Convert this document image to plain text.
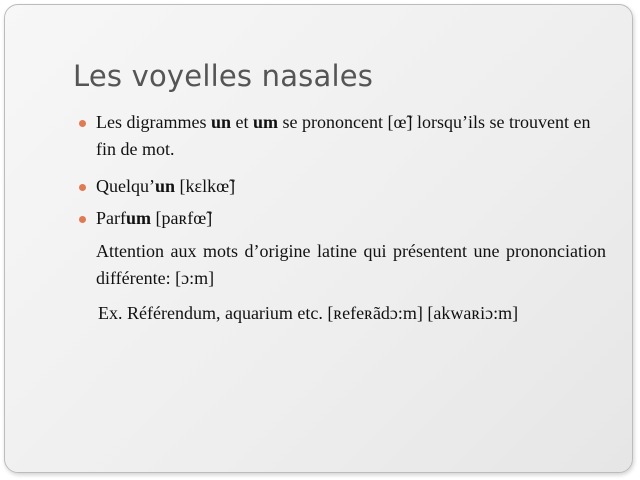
Les voyelles nasales
Les digrammes un et um se prononcent [œ̃] lorsqu’ils se trouvent en fin de mot.
Quelqu’un [kɛlkœ̃]
Parfum [paʀfœ̃]
Attention aux mots d’origine latine qui présentent une prononciation différente: [ɔ:m]
Ex. Référendum, aquarium etc. [ʀefeʀãdɔ:m] [akwaʀiɔ:m]
